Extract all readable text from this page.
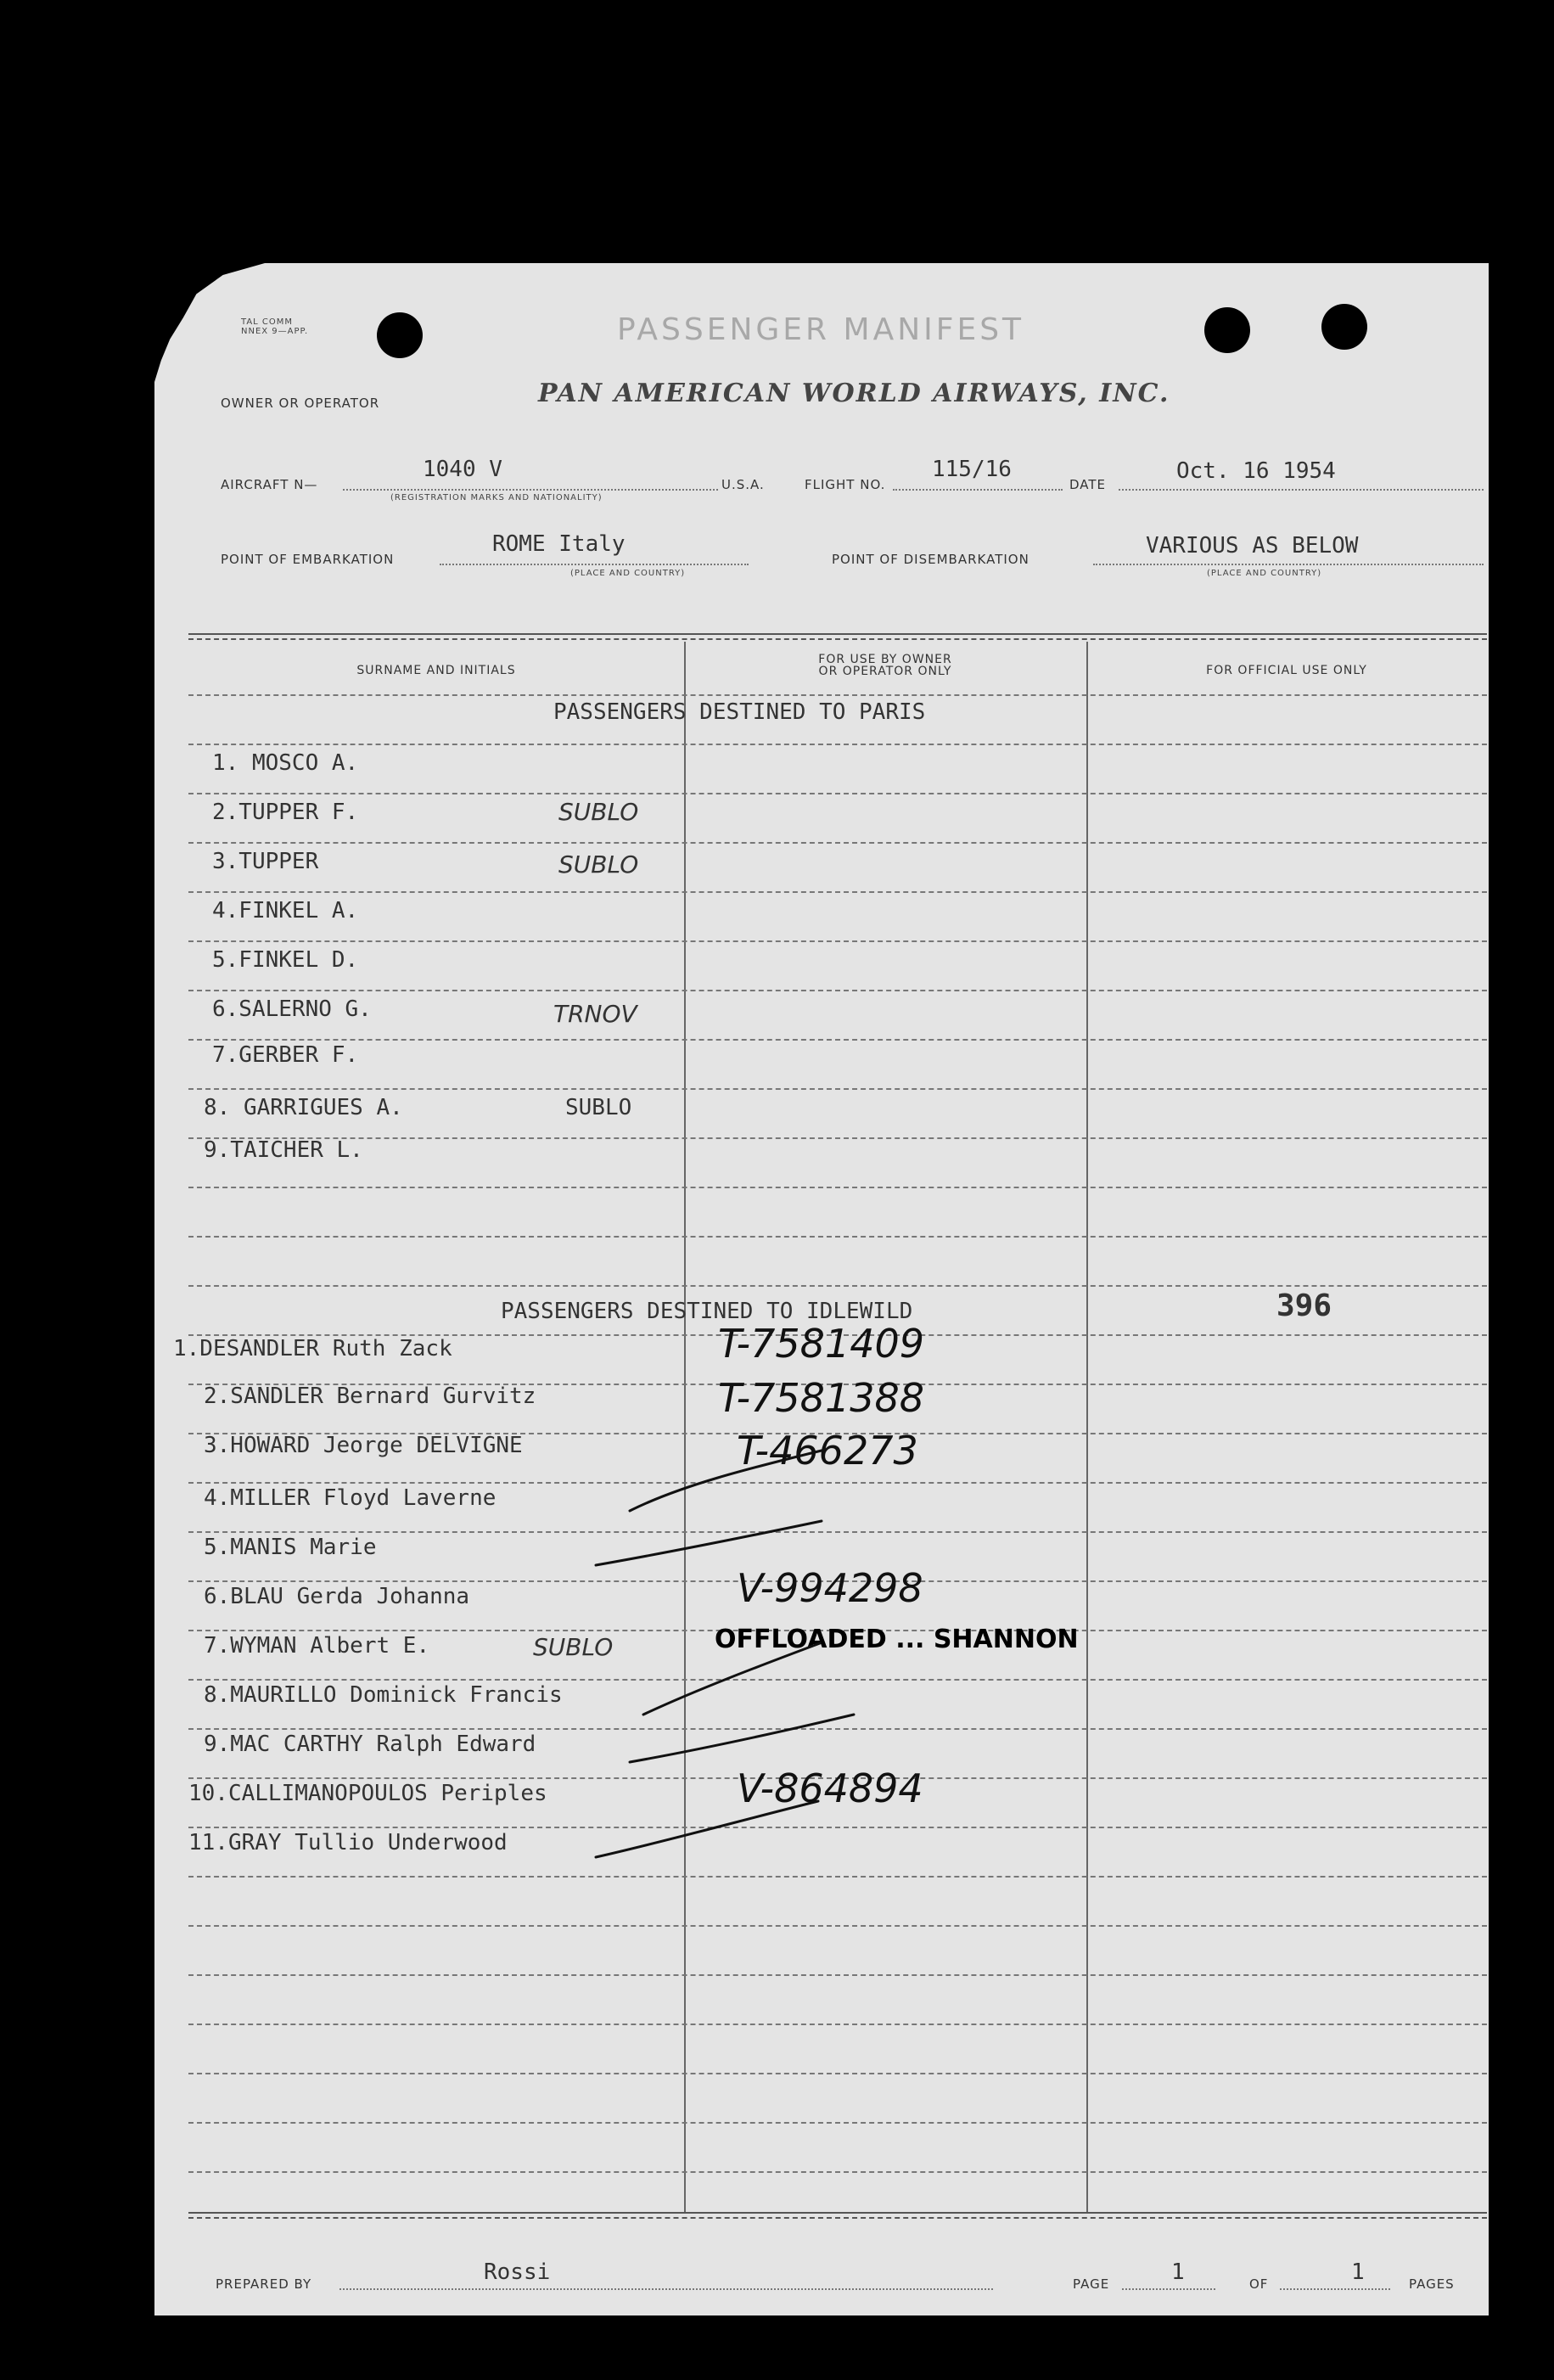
TAL COMM
NNEX 9—APP.	PASSENGER MANIFEST
OWNER OR OPERATOR	PAN AMERICAN WORLD AIRWAYS, INC.
AIRCRAFT N—
1040 V
(REGISTRATION MARKS AND NATIONALITY)
U.S.A.	FLIGHT NO.
115/16
DATE
Oct. 16 1954
POINT OF EMBARKATION
ROME Italy
(PLACE AND COUNTRY)
POINT OF DISEMBARKATION
VARIOUS AS BELOW
(PLACE AND COUNTRY)
SURNAME AND INITIALS
FOR USE BY OWNER
OR OPERATOR ONLY	FOR OFFICIAL USE ONLY
PASSENGERS DESTINED TO PARIS
1. MOSCO A.
2.TUPPER F.	SUBLO
3.TUPPER	SUBLO
4.FINKEL A.
5.FINKEL D.
6.SALERNO G.	TRNOV
7.GERBER F.
8. GARRIGUES A.	SUBLO
9.TAICHER L.
PASSENGERS DESTINED TO IDLEWILD	396
1.DESANDLER Ruth Zack	T-7581409
2.SANDLER Bernard Gurvitz	T-7581388
3.HOWARD Jeorge DELVIGNE	T-466273
4.MILLER Floyd Laverne
5.MANIS Marie
6.BLAU Gerda Johanna	V-994298
7.WYMAN Albert E.	SUBLO	OFFLOADED ... SHANNON
8.MAURILLO Dominick Francis
9.MAC CARTHY Ralph Edward
10.CALLIMANOPOULOS Periples	V-864894
11.GRAY Tullio Underwood
PREPARED BY	Rossi	PAGE	1	OF	1	PAGES
